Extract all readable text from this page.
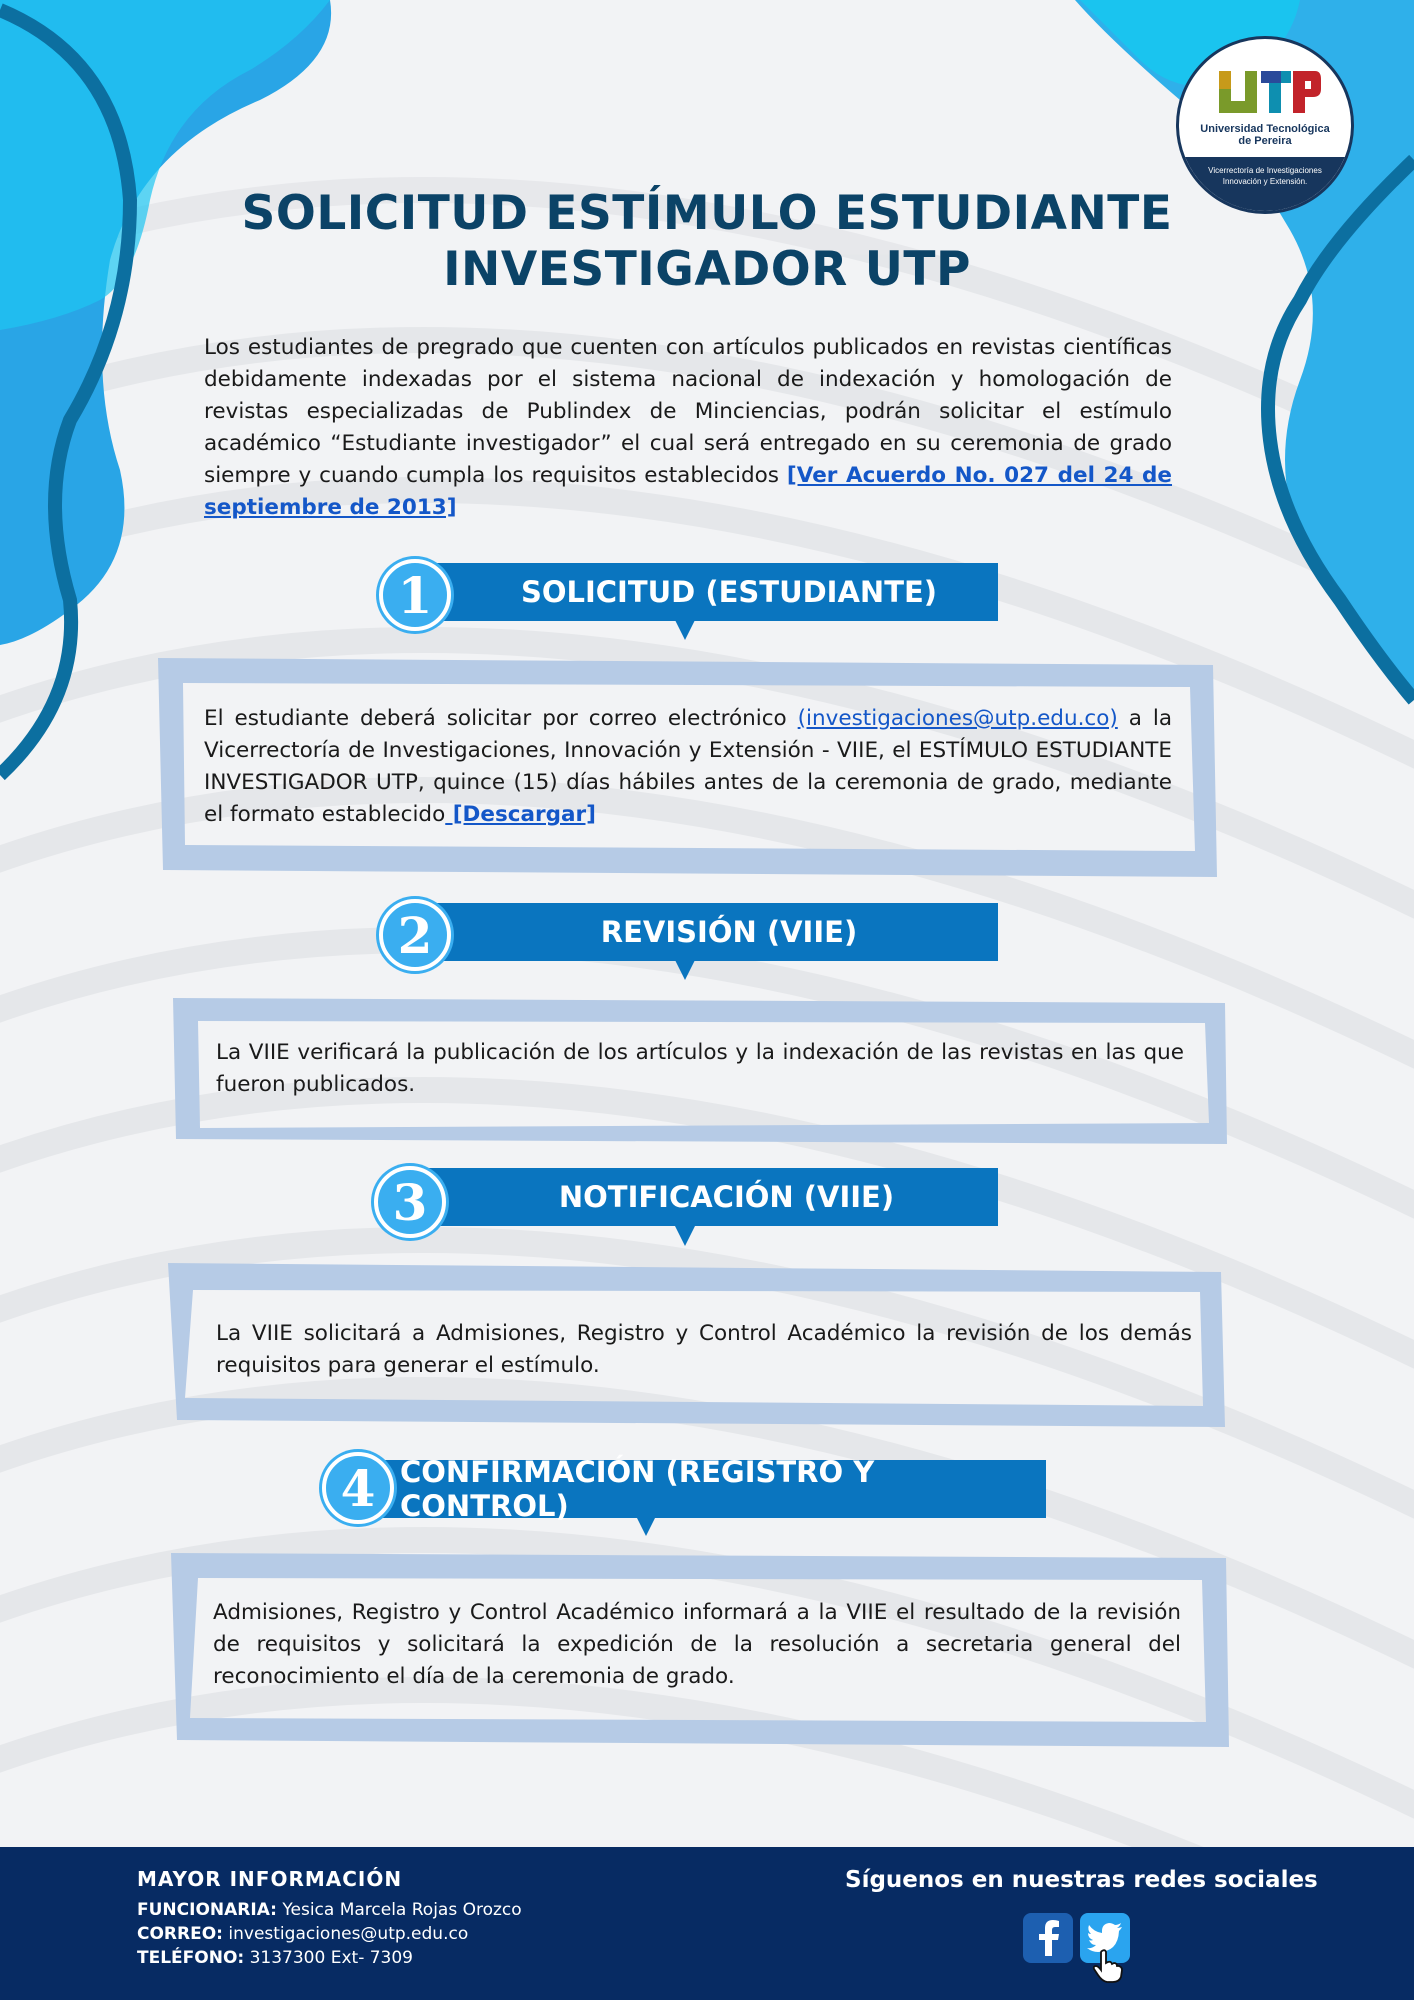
Universidad Tecnológica
de Pereira
Vicerrectoría de Investigaciones
Innovación y Extensión.
SOLICITUD ESTÍMULO ESTUDIANTE
INVESTIGADOR UTP

Los estudiantes de pregrado que cuenten con artículos publicados en revistas científicas debidamente indexadas por el sistema nacional de indexación y homologación de revistas especializadas de Publindex de Minciencias, podrán solicitar el estímulo académico “Estudiante investigador” el cual será entregado en su ceremonia de grado siempre y cuando cumpla los requisitos establecidos [Ver Acuerdo No. 027 del 24 de septiembre de 2013]

1	SOLICITUD (ESTUDIANTE)

El estudiante deberá solicitar por correo electrónico (investigaciones@utp.edu.co) a la Vicerrectoría de Investigaciones, Innovación y Extensión - VIIE, el ESTÍMULO ESTUDIANTE INVESTIGADOR UTP, quince (15) días hábiles antes de la ceremonia de grado, mediante el formato establecido [Descargar]

2	REVISIÓN (VIIE)

La VIIE verificará la publicación de los artículos y la indexación de las revistas en las que fueron publicados.

3	NOTIFICACIÓN (VIIE)

La VIIE solicitará a Admisiones, Registro y Control Académico la revisión de los demás requisitos para generar el estímulo.

4 CONFIRMACIÓN (REGISTRO Y CONTROL)

Admisiones, Registro y Control Académico informará a la VIIE el resultado de la revisión de requisitos y solicitará la expedición de la resolución a secretaria general del reconocimiento el día de la ceremonia de grado.

MAYOR INFORMACIÓN
FUNCIONARIA: Yesica Marcela Rojas Orozco
CORREO: investigaciones@utp.edu.co
TELÉFONO: 3137300 Ext- 7309
Síguenos en nuestras redes sociales
